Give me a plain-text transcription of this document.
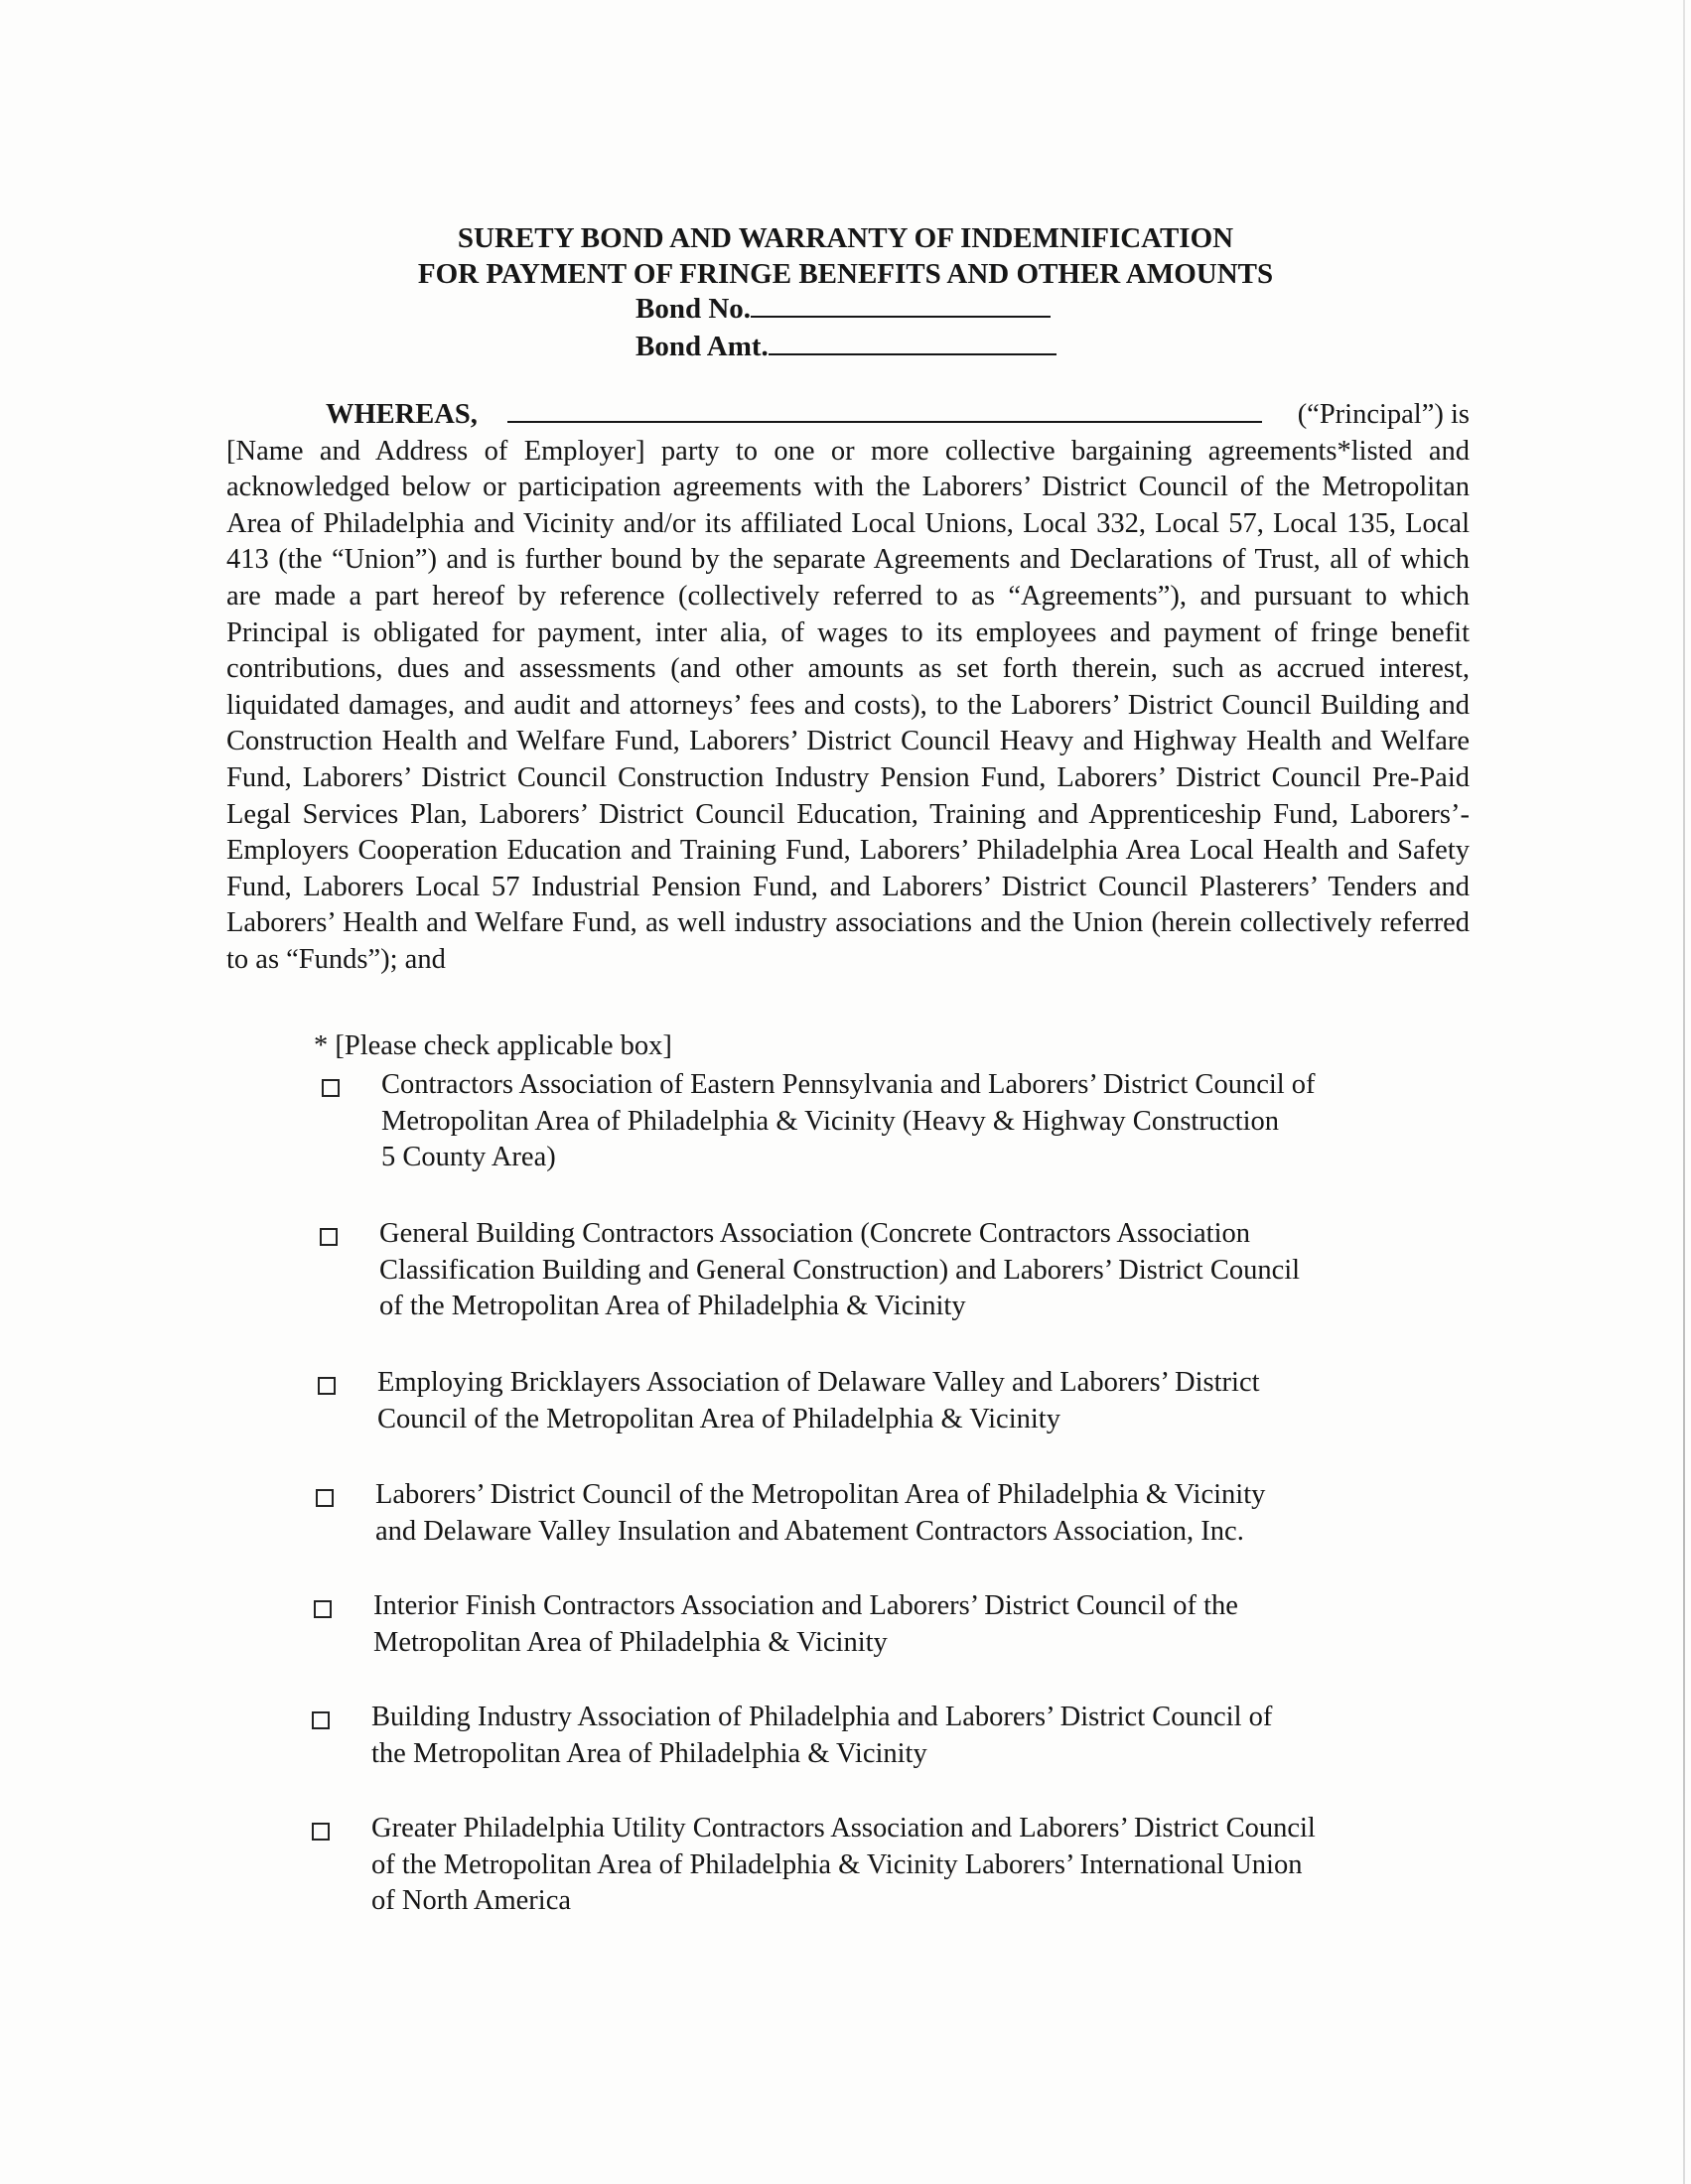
SURETY BOND AND WARRANTY OF INDEMNIFICATION
FOR PAYMENT OF FRINGE BENEFITS AND OTHER AMOUNTS
Bond No.
Bond Amt.
WHEREAS,	(“Principal”) is
[Name and Address of Employer] party to one or more collective bargaining agreements*listed and acknowledged below or participation agreements with the Laborers’ District Council of the Metropolitan Area of Philadelphia and Vicinity and/or its affiliated Local Unions, Local 332, Local 57, Local 135, Local 413 (the “Union”) and is further bound by the separate Agreements and Declarations of Trust, all of which are made a part hereof by reference (collectively referred to as “Agreements”), and pursuant to which Principal is obligated for payment, inter alia, of wages to its employees and payment of fringe benefit contributions, dues and assessments (and other amounts as set forth therein, such as accrued interest, liquidated damages, and audit and attorneys’ fees and costs), to the Laborers’ District Council Building and Construction Health and Welfare Fund, Laborers’ District Council Heavy and Highway Health and Welfare Fund, Laborers’ District Council Construction Industry Pension Fund, Laborers’ District Council Pre-Paid Legal Services Plan, Laborers’ District Council Education, Training and Apprenticeship Fund, Laborers’-Employers Cooperation Education and Training Fund, Laborers’ Philadelphia Area Local Health and Safety Fund, Laborers Local 57 Industrial Pension Fund, and Laborers’ District Council Plasterers’ Tenders and Laborers’ Health and Welfare Fund, as well industry associations and the Union (herein collectively referred to as “Funds”); and
* [Please check applicable box]
Contractors Association of Eastern Pennsylvania and Laborers’ District Council of
Metropolitan Area of Philadelphia & Vicinity (Heavy & Highway Construction
5 County Area)
General Building Contractors Association (Concrete Contractors Association
Classification Building and General Construction) and Laborers’ District Council
of the Metropolitan Area of Philadelphia & Vicinity
Employing Bricklayers Association of Delaware Valley and Laborers’ District
Council of the Metropolitan Area of Philadelphia & Vicinity
Laborers’ District Council of the Metropolitan Area of Philadelphia & Vicinity
and Delaware Valley Insulation and Abatement Contractors Association, Inc.
Interior Finish Contractors Association and Laborers’ District Council of the
Metropolitan Area of Philadelphia & Vicinity
Building Industry Association of Philadelphia and Laborers’ District Council of
the Metropolitan Area of Philadelphia & Vicinity
Greater Philadelphia Utility Contractors Association and Laborers’ District Council
of the Metropolitan Area of Philadelphia & Vicinity Laborers’ International Union
of North America
